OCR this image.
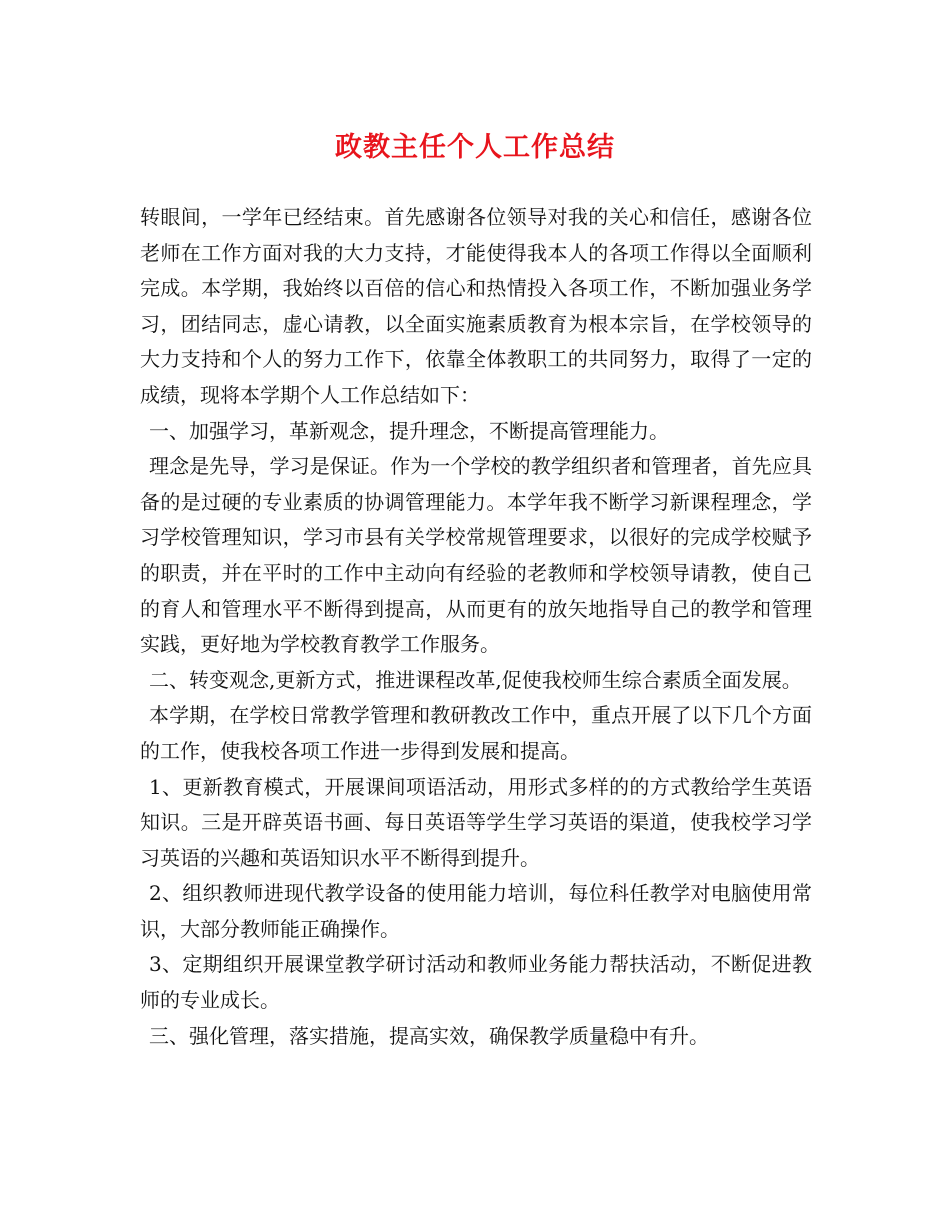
政教主任个人工作总结

转眼间，一学年已经结束。首先感谢各位领导对我的关心和信任，感谢各位老师在工作方面对我的大力支持，才能使得我本人的各项工作得以全面顺利完成。本学期，我始终以百倍的信心和热情投入各项工作，不断加强业务学习，团结同志，虚心请教，以全面实施素质教育为根本宗旨，在学校领导的大力支持和个人的努力工作下，依靠全体教职工的共同努力，取得了一定的成绩，现将本学期个人工作总结如下：

一、加强学习，革新观念，提升理念，不断提高管理能力。

理念是先导，学习是保证。作为一个学校的教学组织者和管理者，首先应具备的是过硬的专业素质的协调管理能力。本学年我不断学习新课程理念，学习学校管理知识，学习市县有关学校常规管理要求，以很好的完成学校赋予的职责，并在平时的工作中主动向有经验的老教师和学校领导请教，使自己的育人和管理水平不断得到提高，从而更有的放矢地指导自己的教学和管理实践，更好地为学校教育教学工作服务。

二、转变观念,更新方式，推进课程改革,促使我校师生综合素质全面发展。

本学期，在学校日常教学管理和教研教改工作中，重点开展了以下几个方面的工作，使我校各项工作进一步得到发展和提高。

1、更新教育模式，开展课间项语活动，用形式多样的的方式教给学生英语知识。三是开辟英语书画、每日英语等学生学习英语的渠道，使我校学习学习英语的兴趣和英语知识水平不断得到提升。

2、组织教师进现代教学设备的使用能力培训，每位科任教学对电脑使用常识，大部分教师能正确操作。

3、定期组织开展课堂教学研讨活动和教师业务能力帮扶活动，不断促进教师的专业成长。

三、强化管理，落实措施，提高实效，确保教学质量稳中有升。
